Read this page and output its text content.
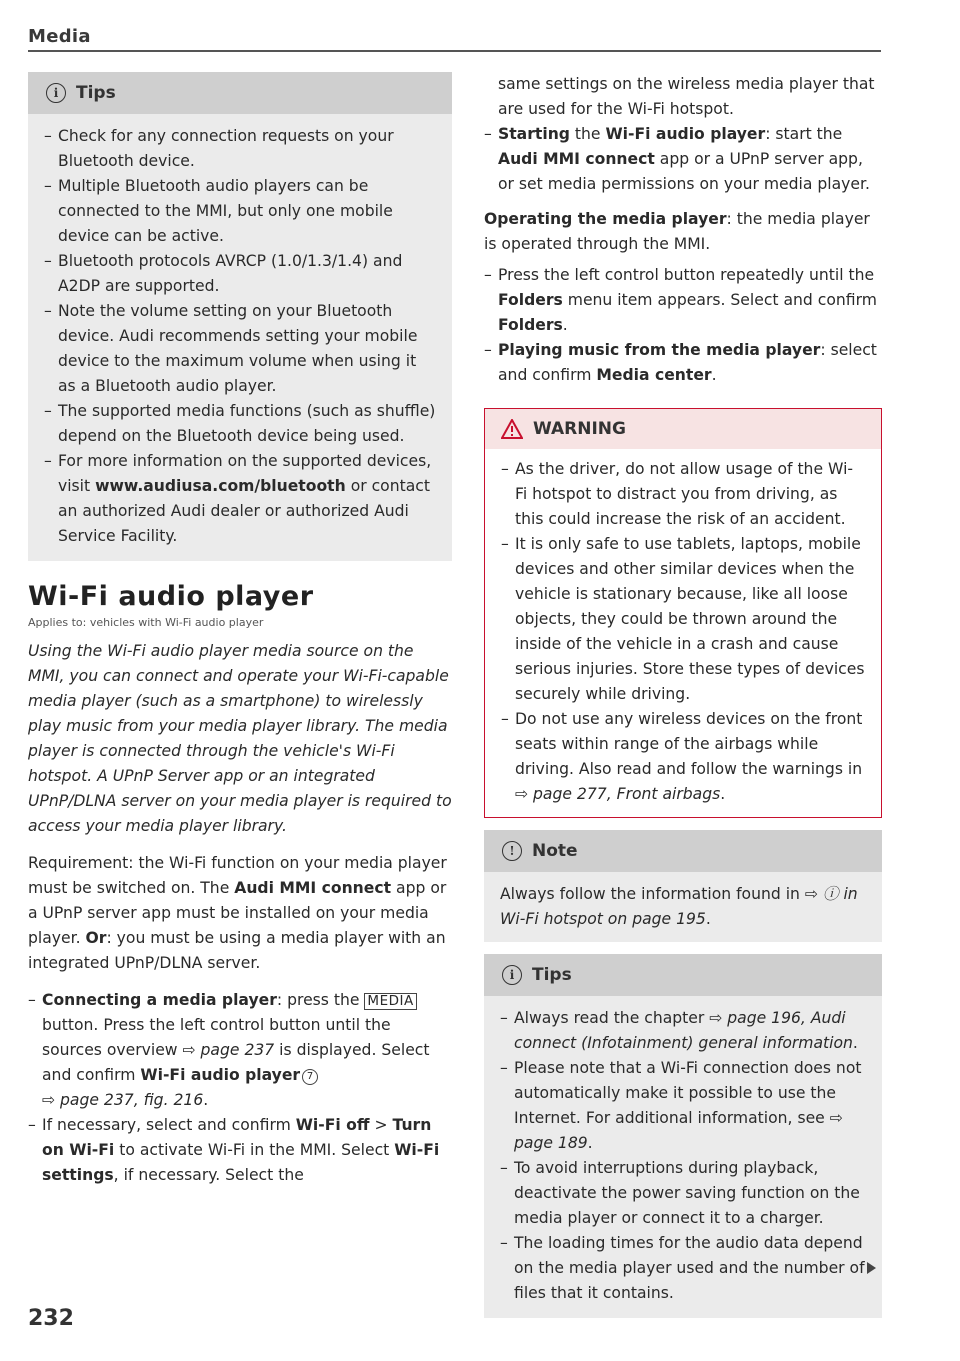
Media
i	Tips
– Check for any connection requests on your Bluetooth device.
– Multiple Bluetooth audio players can be connected to the MMI, but only one mobile device can be active.
– Bluetooth protocols AVRCP (1.0/1.3/1.4) and A2DP are supported.
– Note the volume setting on your Bluetooth device. Audi recommends setting your mobile device to the maximum volume when using it as a Bluetooth audio player.
– The supported media functions (such as shuffle) depend on the Bluetooth device being used.
– For more information on the supported devices, visit www.audiusa.com/bluetooth or contact an authorized Audi dealer or authorized Audi Service Facility.
Wi-Fi audio player
Applies to: vehicles with Wi-Fi audio player

Using the Wi-Fi audio player media source on the MMI, you can connect and operate your Wi-Fi-capable media player (such as a smartphone) to wirelessly play music from your media player library. The media player is connected through the vehicle's Wi-Fi hotspot. A UPnP Server app or an integrated UPnP/DLNA server on your media player is required to access your media player library.

Requirement: the Wi-Fi function on your media player must be switched on. The Audi MMI connect app or a UPnP server app must be installed on your media player. Or: you must be using a media player with an integrated UPnP/DLNA server.

– Connecting a media player: press the MEDIA button. Press the left control button until the sources overview ⇨ page 237 is displayed. Select and confirm Wi-Fi audio player 7
⇨ page 237, fig. 216.
– If necessary, select and confirm Wi-Fi off > Turn on Wi-Fi to activate Wi-Fi in the MMI. Select Wi-Fi settings, if necessary. Select the

same settings on the wireless media player that are used for the Wi-Fi hotspot.

– Starting the Wi-Fi audio player: start the Audi MMI connect app or a UPnP server app, or set media permissions on your media player.

Operating the media player: the media player is operated through the MMI.

– Press the left control button repeatedly until the Folders menu item appears. Select and confirm Folders.
– Playing music from the media player: select and confirm Media center.
WARNING
– As the driver, do not allow usage of the Wi-Fi hotspot to distract you from driving, as this could increase the risk of an accident.
– It is only safe to use tablets, laptops, mobile devices and other similar devices when the vehicle is stationary because, like all loose objects, they could be thrown around the inside of the vehicle in a crash and cause serious injuries. Store these types of devices securely while driving.
– Do not use any wireless devices on the front seats within range of the airbags while driving. Also read and follow the warnings in ⇨ page 277, Front airbags.
!	Note

Always follow the information found in ⇨ ⓘ in Wi-Fi hotspot on page 195.

i	Tips
– Always read the chapter ⇨ page 196, Audi connect (Infotainment) general information.
– Please note that a Wi-Fi connection does not automatically make it possible to use the Internet. For additional information, see ⇨ page 189.
– To avoid interruptions during playback, deactivate the power saving function on the media player or connect it to a charger.
– The loading times for the audio data depend on the media player used and the number of files that it contains.
232
